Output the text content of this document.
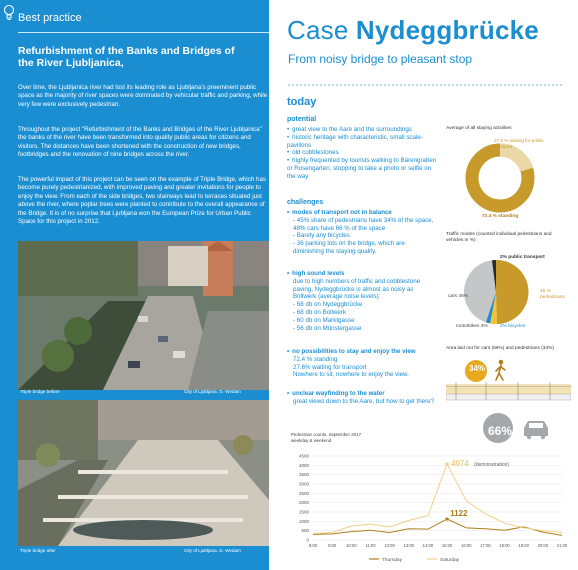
Best practice
Refurbishment of the Banks and Bridges of
the River Ljubljanica,
Over time, the Ljubljanica river had lost its leading role as Ljubljana's preeminent public space as the majority of river spaces were dominated by vehicular traffic and parking, while very few were exclusively pedestrian.
Throughout the project "Refurbishment of the Banks and Bridges of the River Ljubljanica" the banks of the river have been transformed into quality public areas for citizens and visitors. The distances have been shortened with the construction of new bridges, footbridges and the renovation of nine bridges across the river.
The powerful impact of this project can be seen on the example of Triple Bridge, which has become purely pedestrianized, with improved paving and greater invitations for people to enjoy the view. From each of the side bridges, two stairways lead to terraces situated just above the river, where poplar trees were planted to contribute to the overall appearance of the Bridge. It is of no surprise that Ljubljana won the European Prize for Urban Public Space for this project in 2012.
Triple bridge before	City of Ljubljana, D. Wedam
Triple bridge after	City of Ljubljana, D. Wedam
Case Nydeggbrücke
From noisy bridge to pleasant stop
today
potential
• great view to the Aare and the surroundings
• historic heritage with characteristic, small scale-pavillons
• old cobblestones
• highly frequented by tourists walking to Bärengraben or Rosengarten, stopping to take a photo or selfie on the way
challenges
• modes of transport not in balance
- 45% share of pedestrians have 34% of the space, 48% cars have 66 % of the space
- Barely any bicycles
- 36 parking lots on the bridge, which are diminishing the staying quality.
• high sound levels
due to high numbers of traffic and cobblestone paving, Nydeggbrücke is almost as noisy as Bollwerk (average noise levels):
- 68 db on Nydeggbrücke
- 68 db on Bollwerk
- 60 db on Marktgasse
- 56 db on Münstergasse
• no possibilities to stay and enjoy the view
72.4 % standing
27.6% waiting for transport
Nowhere to sit, nowhere to enjoy the view.
• unclear wayfinding to the water
great views down to the Aare, but how to get there?
Average of all staying activities
27.6 % waiting for public transport
72.4 % standing
Traffic modes (counted individual pedestrians and vehicles in %)
2% public transport
cars 48%
45 % pedestrians
motorbikes 3%	2% bicycles
Area laid out for cars (66%) and pedestrians (34%)
34%
66%
Pedestrian counts, September 2017
weekday & weekend
0
500
1000
1500
2000
2500
3000
3500
4000
4500
8:00	9:00 10:00 11:00 12:00 13:00 14:00 15:00 16:00 17:00 18:00 19:00 20:00 21:00
4074 (demonstration)
1122
Thursday	Saturday
